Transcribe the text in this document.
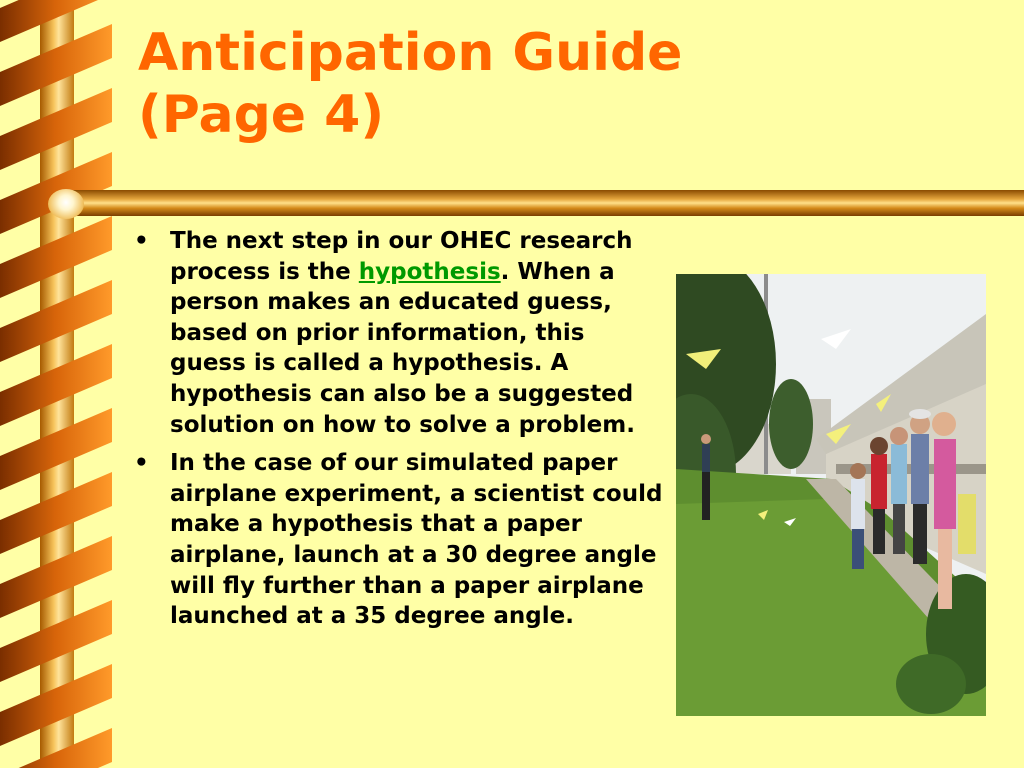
Anticipation Guide
(Page 4)
• The next step in our OHEC research process is the hypothesis. When a person makes an educated guess, based on prior information, this guess is called a hypothesis. A hypothesis can also be a suggested solution on how to solve a problem.
• In the case of our simulated paper airplane experiment, a scientist could make a hypothesis that a paper airplane, launch at a 30 degree angle will fly further than a paper airplane launched at a 35 degree angle.
